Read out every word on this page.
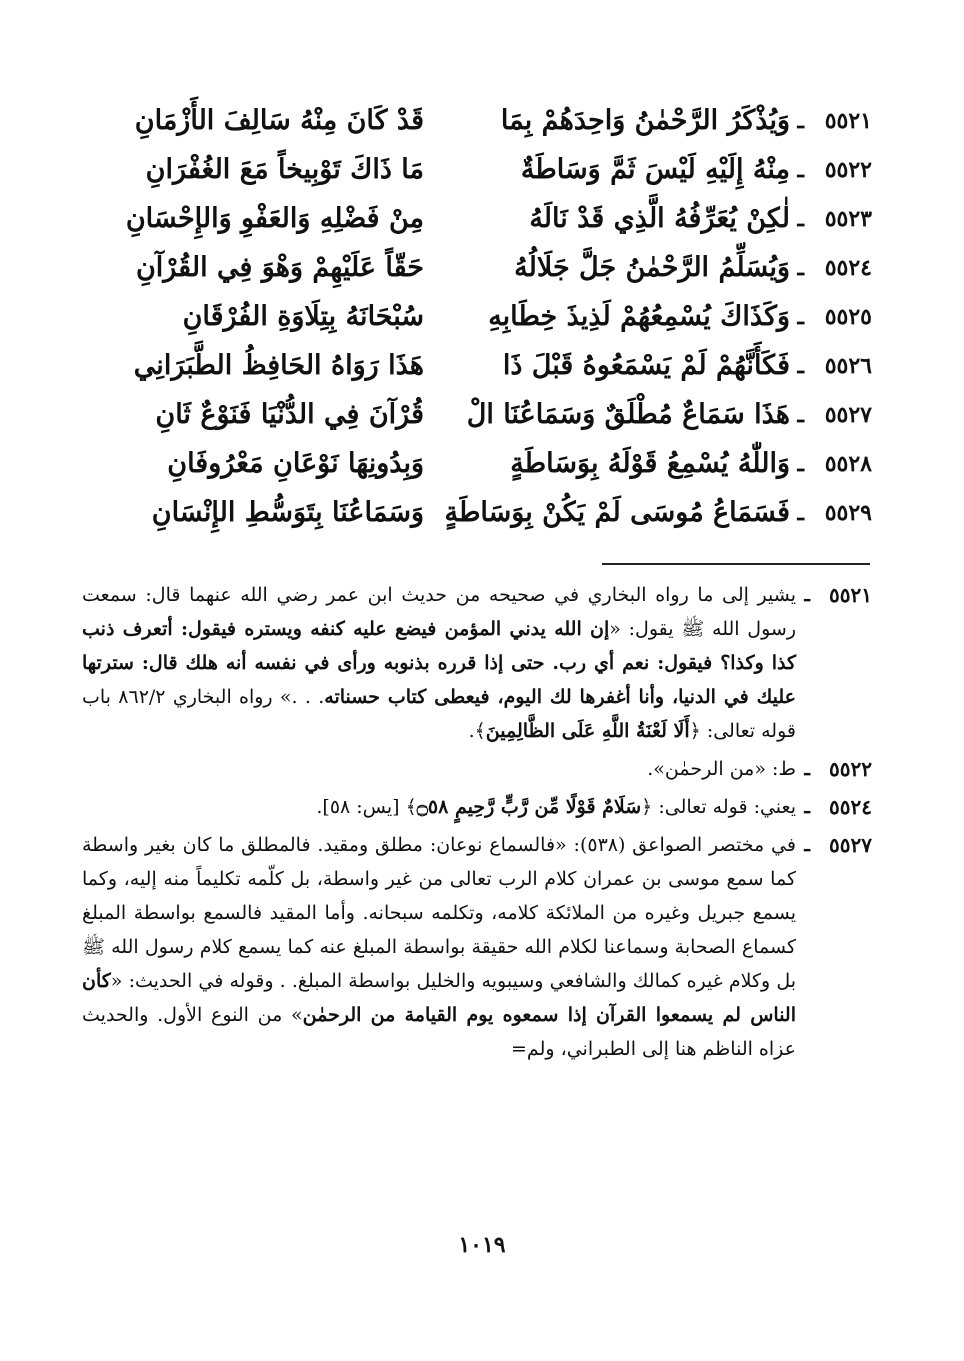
٥٥٢١
ـ
وَيُذْكَرُ الرَّحْمٰنُ وَاحِدَهُمْ بِمَا
قَدْ كَانَ مِنْهُ سَالِفَ الأَزْمَانِ
٥٥٢٢
ـ
مِنْهُ إِلَيْهِ لَيْسَ ثَمَّ وَسَاطَةٌ
مَا ذَاكَ تَوْبِيخاً مَعَ الغُفْرَانِ
٥٥٢٣
ـ
لٰكِنْ يُعَرِّفُهُ الَّذِي قَدْ نَالَهُ
مِنْ فَضْلِهِ وَالعَفْوِ وَالإِحْسَانِ
٥٥٢٤
ـ
وَيُسَلِّمُ الرَّحْمٰنُ جَلَّ جَلَالُهُ
حَقّاً عَلَيْهِمْ وَهْوَ فِي القُرْآنِ
٥٥٢٥
ـ
وَكَذَاكَ يُسْمِعُهُمْ لَذِيذَ خِطَابِهِ
سُبْحَانَهُ بِتِلَاوَةِ الفُرْقَانِ
٥٥٢٦
ـ
فَكَأَنَّهُمْ لَمْ يَسْمَعُوهُ قَبْلَ ذَا
هَذَا رَوَاهُ الحَافِظُ الطَّبَرَانِي
٥٥٢٧
ـ
هَذَا سَمَاعٌ مُطْلَقٌ وَسَمَاعُنَا الْ
قُرْآنَ فِي الدُّنْيَا فَنَوْعٌ ثَانِ
٥٥٢٨
ـ
وَاللّٰهُ يُسْمِعُ قَوْلَهُ بِوَسَاطَةٍ
وَبِدُونِهَا نَوْعَانِ مَعْرُوفَانِ
٥٥٢٩
ـ
فَسَمَاعُ مُوسَى لَمْ يَكُنْ بِوَسَاطَةٍ
وَسَمَاعُنَا بِتَوَسُّطِ الإِنْسَانِ
٥٥٢١
ـ
يشير إلى ما رواه البخاري في صحيحه من حديث ابن عمر رضي الله عنهما قال: سمعت رسول الله ﷺ يقول: «إن الله يدني المؤمن فيضع عليه كنفه ويستره فيقول: أتعرف ذنب كذا وكذا؟ فيقول: نعم أي رب. حتى إذا قرره بذنوبه ورأى في نفسه أنه هلك قال: سترتها عليك في الدنيا، وأنا أغفرها لك اليوم، فيعطى كتاب حسناته. . .» رواه البخاري ٨٦٢/٢ باب قوله تعالى: ﴿أَلَا لَعْنَةُ اللَّهِ عَلَى الظَّالِمِينَ﴾.
٥٥٢٢
ـ
ط: «من الرحمٰن».
٥٥٢٤
ـ
يعني: قوله تعالى: ﴿سَلَامٌ قَوْلًا مِّن رَّبٍّ رَّحِيمٍ ۝٥٨﴾ [يس: ٥٨].
٥٥٢٧
ـ
في مختصر الصواعق (٥٣٨): «فالسماع نوعان: مطلق ومقيد. فالمطلق ما كان بغير واسطة كما سمع موسى بن عمران كلام الرب تعالى من غير واسطة، بل كلّمه تكليماً منه إليه، وكما يسمع جبريل وغيره من الملائكة كلامه، وتكلمه سبحانه. وأما المقيد فالسمع بواسطة المبلغ كسماع الصحابة وسماعنا لكلام الله حقيقة بواسطة المبلغ عنه كما يسمع كلام رسول الله ﷺ بل وكلام غيره كمالك والشافعي وسيبويه والخليل بواسطة المبلغ. . وقوله في الحديث: «كأن الناس لم يسمعوا القرآن إذا سمعوه يوم القيامة من الرحمٰن» من النوع الأول. والحديث عزاه الناظم هنا إلى الطبراني، ولم=
١٠١٩
